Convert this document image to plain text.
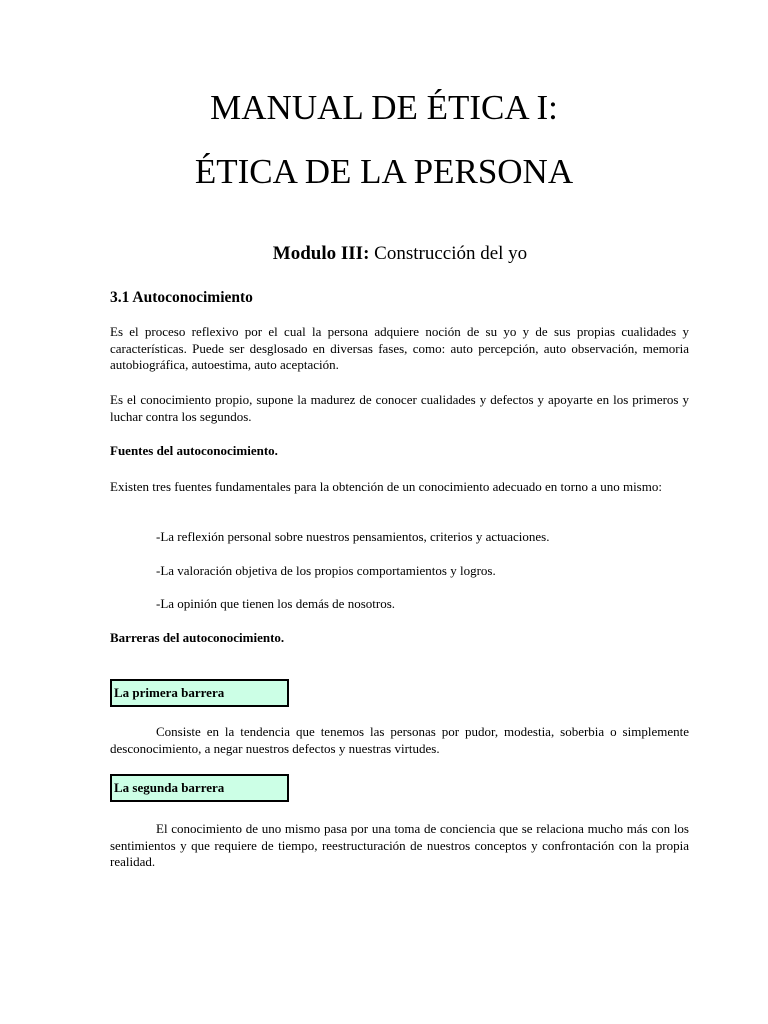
MANUAL DE ÉTICA I:
ÉTICA DE LA PERSONA

Modulo III: Construcción del yo

3.1 Autoconocimiento

Es el proceso reflexivo por el cual la persona adquiere noción de su yo y de sus propias cualidades y características. Puede ser desglosado en diversas fases, como: auto percepción, auto observación, memoria autobiográfica, autoestima, auto aceptación.

Es el conocimiento propio, supone la madurez de conocer cualidades y defectos y apoyarte en los primeros y luchar contra los segundos.

Fuentes del autoconocimiento.

Existen tres fuentes fundamentales para la obtención de un conocimiento adecuado en torno a uno mismo:

-La reflexión personal sobre nuestros pensamientos, criterios y actuaciones.

-La valoración objetiva de los propios comportamientos y logros.

-La opinión que tienen los demás de nosotros.

Barreras del autoconocimiento.

La primera barrera

Consiste en la tendencia que tenemos las personas por pudor, modestia, soberbia o simplemente desconocimiento, a negar nuestros defectos y nuestras virtudes.

La segunda barrera

El conocimiento de uno mismo pasa por una toma de conciencia que se relaciona mucho más con los sentimientos y que requiere de tiempo, reestructuración de nuestros conceptos y confrontación con la propia realidad.
